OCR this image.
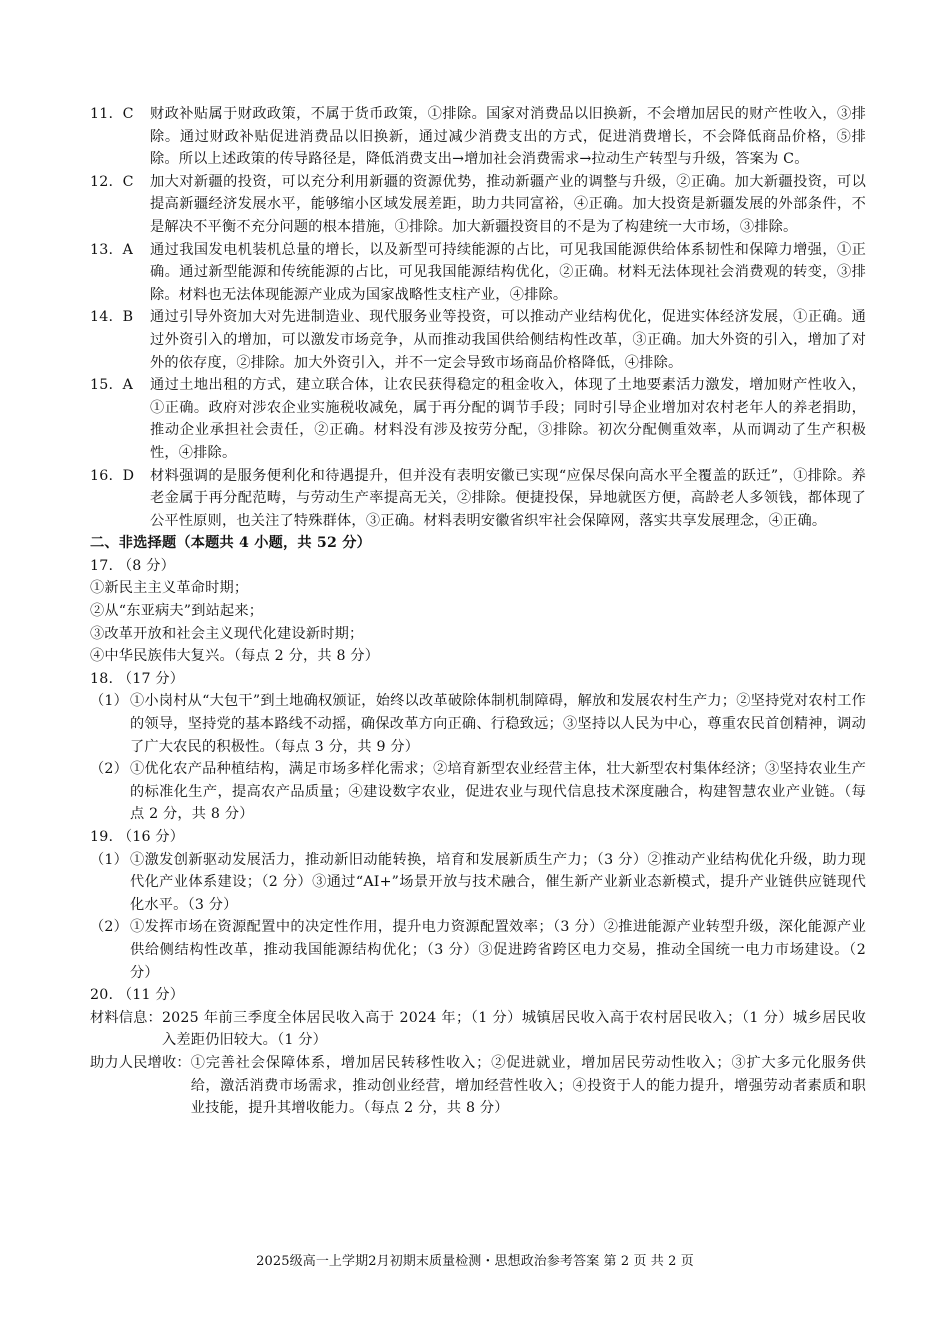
11. C	财政补贴属于财政政策，不属于货币政策，①排除。国家对消费品以旧换新，不会增加居民的财产性收入，③排除。通过财政补贴促进消费品以旧换新，通过减少消费支出的方式，促进消费增长，不会降低商品价格，⑤排除。所以上述政策的传导路径是，降低消费支出→增加社会消费需求→拉动生产转型与升级，答案为 C。
12. C	加大对新疆的投资，可以充分利用新疆的资源优势，推动新疆产业的调整与升级，②正确。加大新疆投资，可以提高新疆经济发展水平，能够缩小区域发展差距，助力共同富裕，④正确。加大投资是新疆发展的外部条件，不是解决不平衡不充分问题的根本措施，①排除。加大新疆投资目的不是为了构建统一大市场，③排除。
13. A	通过我国发电机装机总量的增长，以及新型可持续能源的占比，可见我国能源供给体系韧性和保障力增强，①正确。通过新型能源和传统能源的占比，可见我国能源结构优化，②正确。材料无法体现社会消费观的转变，③排除。材料也无法体现能源产业成为国家战略性支柱产业，④排除。
14. B	通过引导外资加大对先进制造业、现代服务业等投资，可以推动产业结构优化，促进实体经济发展，①正确。通过外资引入的增加，可以激发市场竞争，从而推动我国供给侧结构性改革，③正确。加大外资的引入，增加了对外的依存度，②排除。加大外资引入，并不一定会导致市场商品价格降低，④排除。
15. A	通过土地出租的方式，建立联合体，让农民获得稳定的租金收入，体现了土地要素活力激发，增加财产性收入，①正确。政府对涉农企业实施税收减免，属于再分配的调节手段；同时引导企业增加对农村老年人的养老捐助，推动企业承担社会责任，②正确。材料没有涉及按劳分配，③排除。初次分配侧重效率，从而调动了生产积极性，④排除。
16. D	材料强调的是服务便利化和待遇提升，但并没有表明安徽已实现“应保尽保向高水平全覆盖的跃迁”，①排除。养老金属于再分配范畴，与劳动生产率提高无关，②排除。便捷投保，异地就医方便，高龄老人多领钱，都体现了公平性原则，也关注了特殊群体，③正确。材料表明安徽省织牢社会保障网，落实共享发展理念，④正确。
二、非选择题（本题共 4 小题，共 52 分）
17. （8 分）
①新民主主义革命时期；
②从“东亚病夫”到站起来；
③改革开放和社会主义现代化建设新时期；
④中华民族伟大复兴。（每点 2 分，共 8 分）
18. （17 分）
（1） ①小岗村从“大包干”到土地确权颁证，始终以改革破除体制机制障碍，解放和发展农村生产力；②坚持党对农村工作的领导，坚持党的基本路线不动摇，确保改革方向正确、行稳致远；③坚持以人民为中心，尊重农民首创精神，调动了广大农民的积极性。（每点 3 分，共 9 分）
（2） ①优化农产品种植结构，满足市场多样化需求；②培育新型农业经营主体，壮大新型农村集体经济；③坚持农业生产的标准化生产，提高农产品质量；④建设数字农业，促进农业与现代信息技术深度融合，构建智慧农业产业链。（每点 2 分，共 8 分）
19. （16 分）
（1） ①激发创新驱动发展活力，推动新旧动能转换，培育和发展新质生产力；（3 分）②推动产业结构优化升级，助力现代化产业体系建设；（2 分）③通过“AI+”场景开放与技术融合，催生新产业新业态新模式，提升产业链供应链现代化水平。（3 分）
（2） ①发挥市场在资源配置中的决定性作用，提升电力资源配置效率；（3 分）②推进能源产业转型升级，深化能源产业供给侧结构性改革，推动我国能源结构优化；（3 分）③促进跨省跨区电力交易，推动全国统一电力市场建设。（2 分）
20. （11 分）
材料信息： 2025 年前三季度全体居民收入高于 2024 年；（1 分）城镇居民收入高于农村居民收入；（1 分）城乡居民收入差距仍旧较大。（1 分）
助力人民增收： ①完善社会保障体系，增加居民转移性收入；②促进就业，增加居民劳动性收入；③扩大多元化服务供给，激活消费市场需求，推动创业经营，增加经营性收入；④投资于人的能力提升，增强劳动者素质和职业技能，提升其增收能力。（每点 2 分，共 8 分）
2025级高一上学期2月初期末质量检测・思想政治参考答案 第 2 页 共 2 页
